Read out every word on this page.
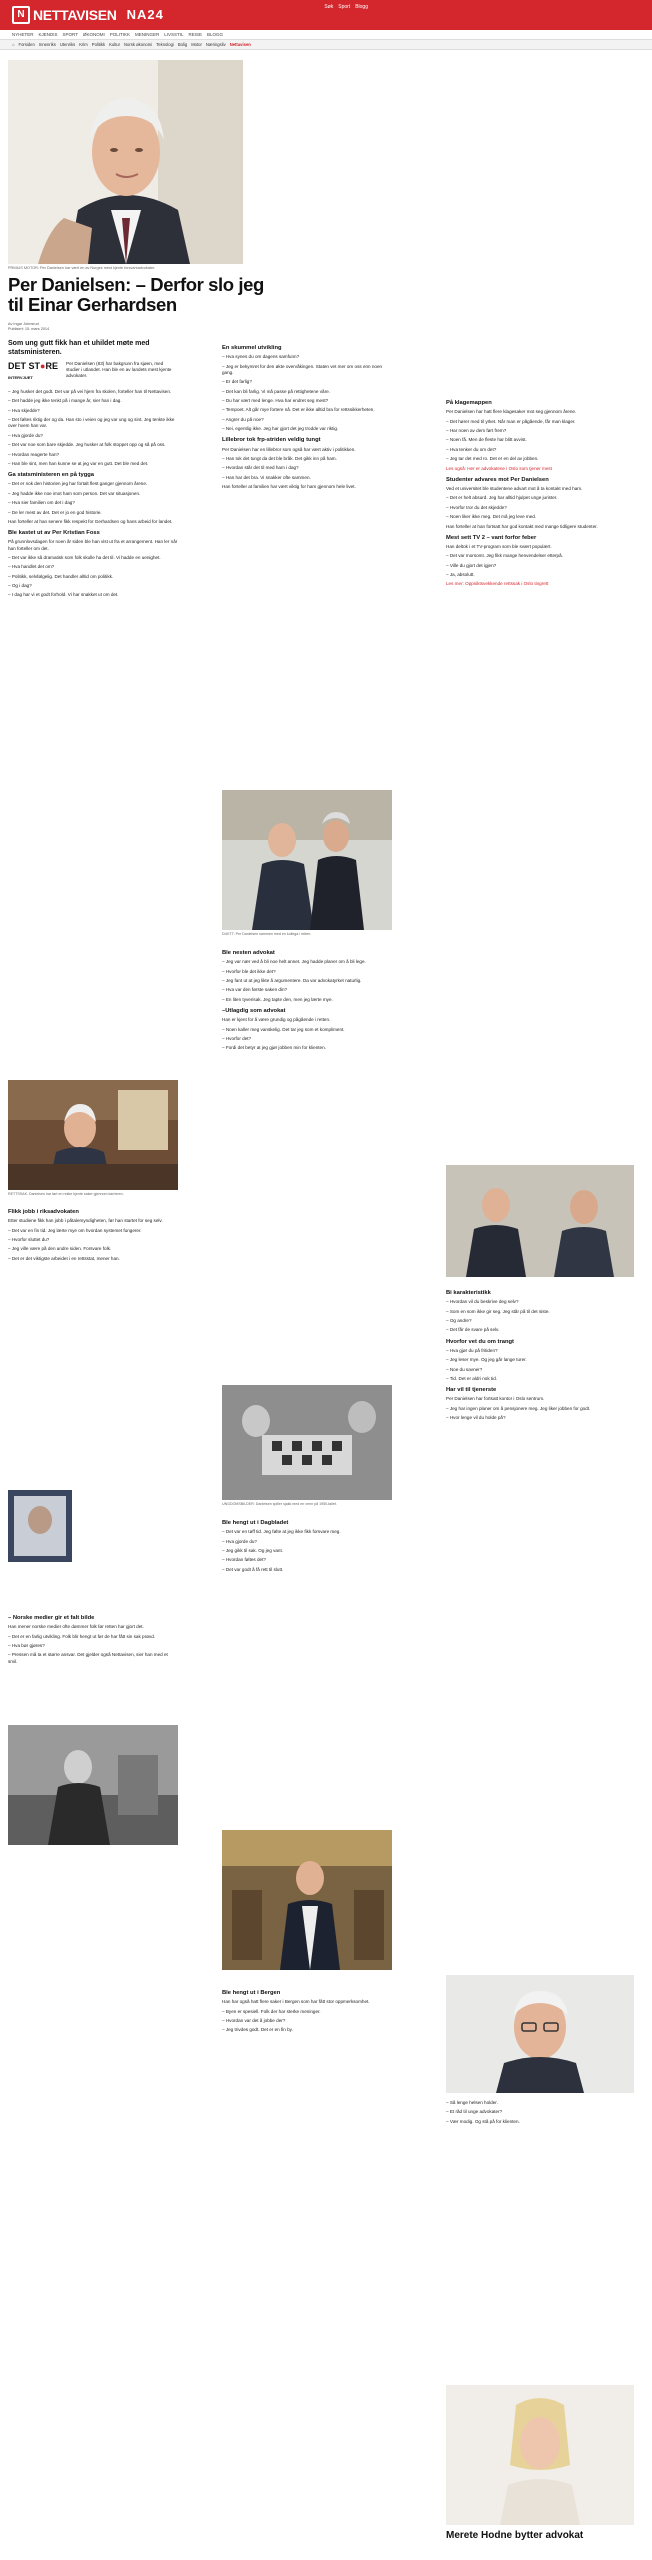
N NETTAVISEN NA24	Søk Sport Blogg
NYHETER KJENDIS SPORT ØKONOMI POLITIKK MENINGER LIVSSTIL REISE BLOGG
⌂ Forsiden Innenriks Utenriks Krim Politikk Kultur Norsk økonomi Teknologi Bolig Motor Næringsliv Nettavisen
PRIMUS MOTOR: Per Danielsen har vært en av Norges mest kjente forsvarsadvokater.
Per Danielsen: – Derfor slo jeg til Einar Gerhardsen
Av Ingar Johnsrud
Publisert: 15. mars 2014
Som ung gutt fikk han et uhildet møte med statsministeren.
DET ST●RE
INTERVJUET

Per Danielsen (83) har bakgrunn fra sjøen, med studier i utlandet. Han ble en av landets mest kjente advokater.

– Jeg husker det godt. Det var på vei hjem fra skolen, forteller han til Nettavisen.

– Det hadde jeg ikke tenkt på i mange år, sier han i dag.

– Hva skjedde?

– Det føltes riktig der og da. Han sto i veien og jeg var ung og sint. Jeg tenkte ikke over hvem han var.

– Hva gjorde du?

– Det var noe som bare skjedde. Jeg husker at folk stoppet opp og så på oss.

– Hvordan reagerte han?

– Han ble sint, men han kunne se at jeg var en gutt. Det ble med det.

Ga statsministeren en på tygga

– Det er nok den historien jeg har fortalt flest ganger gjennom årene.

– Jeg hadde ikke noe imot ham som person. Det var situasjonen.

– Hva sier familien om det i dag?

– De ler mest av det. Det er jo en god historie.

Han forteller at han senere fikk respekt for Gerhardsen og hans arbeid for landet.

Ble kastet ut av Per Kristian Foss

På grunnlovsdagen for noen år siden ble han vist ut fra et arrangement. Han ler når han forteller om det.

– Det var ikke så dramatisk som folk skulle ha det til. Vi hadde en uenighet.

– Hva handlet det om?

– Politikk, selvfølgelig. Det handler alltid om politikk.

– Og i dag?

– I dag har vi et godt forhold. Vi har snakket ut om det.

RETTSSAK: Danielsen har ført en rekke kjente saker gjennom karrieren.
Flikk jobb i riksadvokaten

Etter studiene fikk han jobb i påtalemyndigheten, før han startet for seg selv.

– Det var en fin tid. Jeg lærte mye om hvordan systemet fungerer.

– Hvorfor sluttet du?

– Jeg ville være på den andre siden. Forsvare folk.

– Det er det viktigste arbeidet i en rettsstat, mener han.

– Norske medier gir et falt bilde

Han mener norske medier ofte dømmer folk før retten har gjort det.

– Det er en farlig utvikling. Folk blir hengt ut før de har fått sin sak prøvd.

– Hva bør gjøres?

– Pressen må ta et større ansvar. Det gjelder også Nettavisen, sier han med et smil.

En skummel utvikling

– Hva synes du om dagens samfunn?

– Jeg er bekymret for den økte overvåkingen. Staten vet mer om oss enn noen gang.

– Er det farlig?

– Det kan bli farlig. Vi må passe på rettighetene våre.

– Du har vært med lenge. Hva har endret seg mest?

– Tempoet. Alt går mye fortere nå. Det er ikke alltid bra for rettssikkerheten.

– Angrer du på noe?

– Nei, egentlig ikke. Jeg har gjort det jeg trodde var riktig.

Lillebror tok frp-striden veldig tungt

Per Danielsen har en lillebror som også har vært aktiv i politikken.

– Han tok det tungt da det ble bråk. Det gikk inn på ham.

– Hvordan står det til med ham i dag?

– Han har det bra. Vi snakker ofte sammen.

Han forteller at familien har vært viktig for ham gjennom hele livet.

DUETT: Per Danielsen sammen med en kollega i retten.
Ble nesten advokat

– Jeg var nær ved å bli noe helt annet. Jeg hadde planer om å bli lege.

– Hvorfor ble det ikke det?

– Jeg fant ut at jeg likte å argumentere. Da var advokatyrket naturlig.

– Hva var den første saken din?

– En liten tyverisak. Jeg tapte den, men jeg lærte mye.

–Utlagdig som advokat

Han er kjent for å være grundig og pågående i retten.

– Noen kaller meg vanskelig. Det tar jeg som et kompliment.

– Hvorfor det?

– Fordi det betyr at jeg gjør jobben min for klienten.

UNGDOMSBILDER: Danielsen spiller sjakk med en venn på 1950-tallet.
Ble hengt ut i Dagbladet

– Det var en tøff tid. Jeg følte at jeg ikke fikk forsvare meg.

– Hva gjorde du?

– Jeg gikk til sak. Og jeg vant.

– Hvordan føltes det?

– Det var godt å få rett til slutt.

Ble hengt ut i Bergen

Han har også hatt flere saker i Bergen som har fått stor oppmerksomhet.

– Byen er spesiell. Folk der har sterke meninger.

– Hvordan var det å jobbe der?

– Jeg trivdes godt. Det er en fin by.

På klagemappen

Per Danielsen har hatt flere klagesaker mot seg gjennom årene.

– Det hører med til yrket. Når man er pågående, får man klager.

– Har noen av dem ført frem?

– Noen få. Men de fleste har blitt avvist.

– Hva tenker du om det?

– Jeg tar det med ro. Det er en del av jobben.

Les også: Her er advokatene i Oslo som tjener mest

Studenter advares mot Per Danielsen

Ved et universitet ble studentene advart mot å ta kontakt med ham.

– Det er helt absurd. Jeg har alltid hjulpet unge jurister.

– Hvorfor tror du det skjedde?

– Noen liker ikke meg. Det må jeg leve med.

Han forteller at han fortsatt har god kontakt med mange tidligere studenter.

Mest sett TV 2 – vant forfor feber

Han deltok i et TV-program som ble svært populært.

– Det var morsomt. Jeg fikk mange henvendelser etterpå.

– Ville du gjort det igjen?

– Ja, absolutt.

Les mer: Oppsiktsvekkende rettssak i Oslo tingrett

Bi karakteristikk

– Hvordan vil du beskrive deg selv?

– Som en som ikke gir seg. Jeg står på til det siste.

– Og andre?

– Det får de svare på selv.

Hvorfor vet du om trangt

– Hva gjør du på fritiden?

– Jeg leser mye. Og jeg går lange turer.

– Noe du savner?

– Tid. Det er aldri nok tid.

Har vil til tjenerste

Per Danielsen har fortsatt kontor i Oslo sentrum.

– Jeg har ingen planer om å pensjonere meg. Jeg liker jobben for godt.

– Hvor lenge vil du holde på?

– Så lenge helsen holder.

– Et råd til unge advokater?

– Vær modig. Og stå på for klienten.

Merete Hodne bytter advokat
